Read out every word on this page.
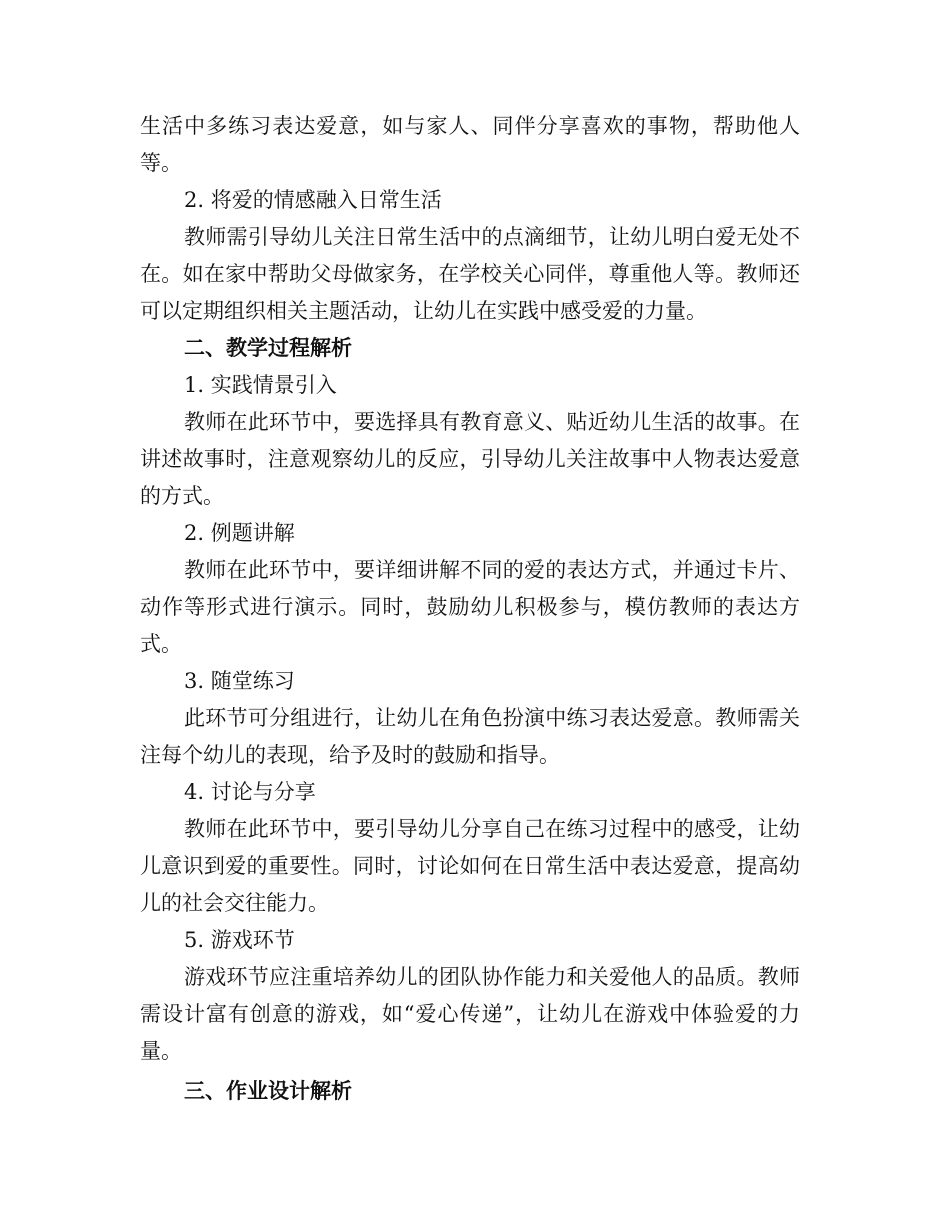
生活中多练习表达爱意，如与家人、同伴分享喜欢的事物，帮助他人等。

2. 将爱的情感融入日常生活

教师需引导幼儿关注日常生活中的点滴细节，让幼儿明白爱无处不在。如在家中帮助父母做家务，在学校关心同伴，尊重他人等。教师还可以定期组织相关主题活动，让幼儿在实践中感受爱的力量。

二、教学过程解析

1. 实践情景引入

教师在此环节中，要选择具有教育意义、贴近幼儿生活的故事。在讲述故事时，注意观察幼儿的反应，引导幼儿关注故事中人物表达爱意的方式。

2. 例题讲解

教师在此环节中，要详细讲解不同的爱的表达方式，并通过卡片、动作等形式进行演示。同时，鼓励幼儿积极参与，模仿教师的表达方式。

3. 随堂练习

此环节可分组进行，让幼儿在角色扮演中练习表达爱意。教师需关注每个幼儿的表现，给予及时的鼓励和指导。

4. 讨论与分享

教师在此环节中，要引导幼儿分享自己在练习过程中的感受，让幼儿意识到爱的重要性。同时，讨论如何在日常生活中表达爱意，提高幼儿的社会交往能力。

5. 游戏环节

游戏环节应注重培养幼儿的团队协作能力和关爱他人的品质。教师需设计富有创意的游戏，如“爱心传递”，让幼儿在游戏中体验爱的力量。

三、作业设计解析
